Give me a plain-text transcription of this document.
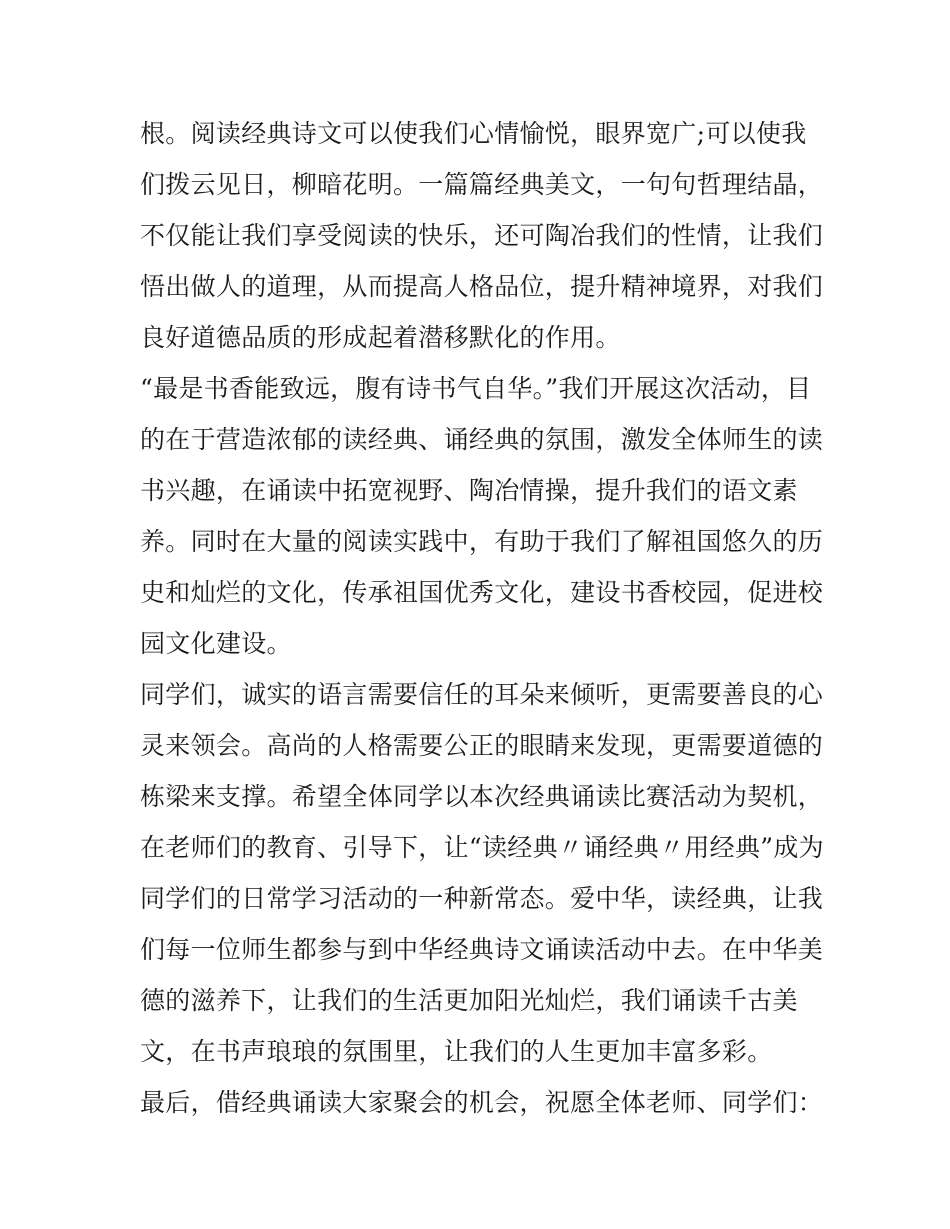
根。阅读经典诗文可以使我们心情愉悦，眼界宽广;可以使我
们拨云见日，柳暗花明。一篇篇经典美文，一句句哲理结晶，
不仅能让我们享受阅读的快乐，还可陶冶我们的性情，让我们
悟出做人的道理，从而提高人格品位，提升精神境界，对我们
良好道德品质的形成起着潜移默化的作用。
“最是书香能致远，腹有诗书气自华。”我们开展这次活动，目
的在于营造浓郁的读经典、诵经典的氛围，激发全体师生的读
书兴趣，在诵读中拓宽视野、陶冶情操，提升我们的语文素
养。同时在大量的阅读实践中，有助于我们了解祖国悠久的历
史和灿烂的文化，传承祖国优秀文化，建设书香校园，促进校
园文化建设。
同学们，诚实的语言需要信任的耳朵来倾听，更需要善良的心
灵来领会。高尚的人格需要公正的眼睛来发现，更需要道德的
栋梁来支撑。希望全体同学以本次经典诵读比赛活动为契机，
在老师们的教育、引导下，让“读经典〃诵经典〃用经典”成为
同学们的日常学习活动的一种新常态。爱中华，读经典，让我
们每一位师生都参与到中华经典诗文诵读活动中去。在中华美
德的滋养下，让我们的生活更加阳光灿烂，我们诵读千古美
文，在书声琅琅的氛围里，让我们的人生更加丰富多彩。
最后，借经典诵读大家聚会的机会，祝愿全体老师、同学们：
